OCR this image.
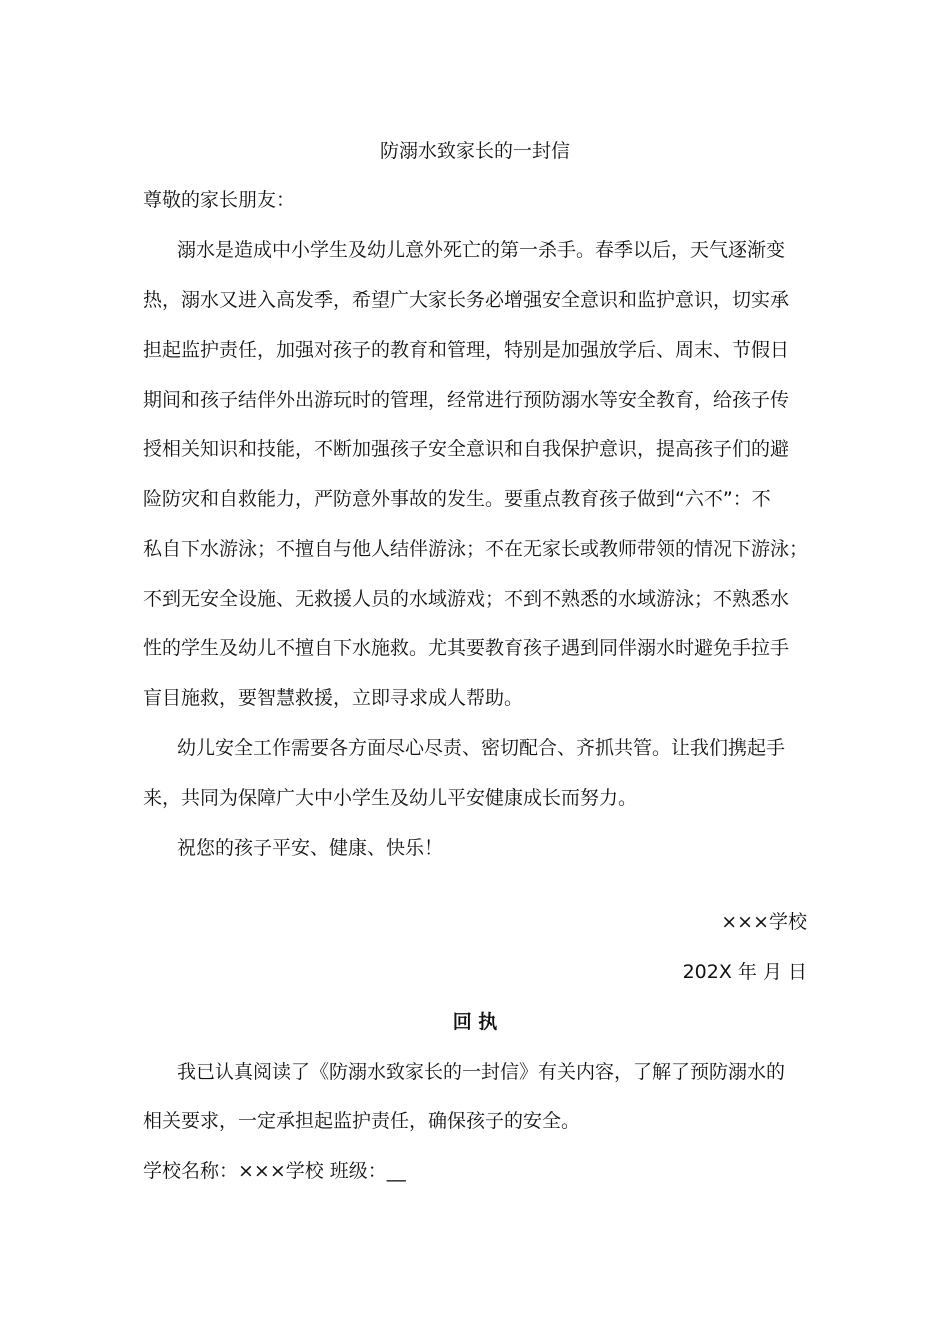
防溺水致家长的一封信

尊敬的家长朋友：

溺水是造成中小学生及幼儿意外死亡的第一杀手。春季以后，天气逐渐变

热，溺水又进入高发季，希望广大家长务必增强安全意识和监护意识，切实承

担起监护责任，加强对孩子的教育和管理，特别是加强放学后、周末、节假日

期间和孩子结伴外出游玩时的管理，经常进行预防溺水等安全教育，给孩子传

授相关知识和技能，不断加强孩子安全意识和自我保护意识，提高孩子们的避

险防灾和自救能力，严防意外事故的发生。要重点教育孩子做到“六不”：不

私自下水游泳；不擅自与他人结伴游泳；不在无家长或教师带领的情况下游泳；

不到无安全设施、无救援人员的水域游戏；不到不熟悉的水域游泳；不熟悉水

性的学生及幼儿不擅自下水施救。尤其要教育孩子遇到同伴溺水时避免手拉手

盲目施救，要智慧救援，立即寻求成人帮助。

幼儿安全工作需要各方面尽心尽责、密切配合、齐抓共管。让我们携起手

来，共同为保障广大中小学生及幼儿平安健康成长而努力。

祝您的孩子平安、健康、快乐！

×××学校

202X 年 月 日

回 执

我已认真阅读了《防溺水致家长的一封信》有关内容，了解了预防溺水的

相关要求，一定承担起监护责任，确保孩子的安全。

学校名称：×××学校 班级：__
